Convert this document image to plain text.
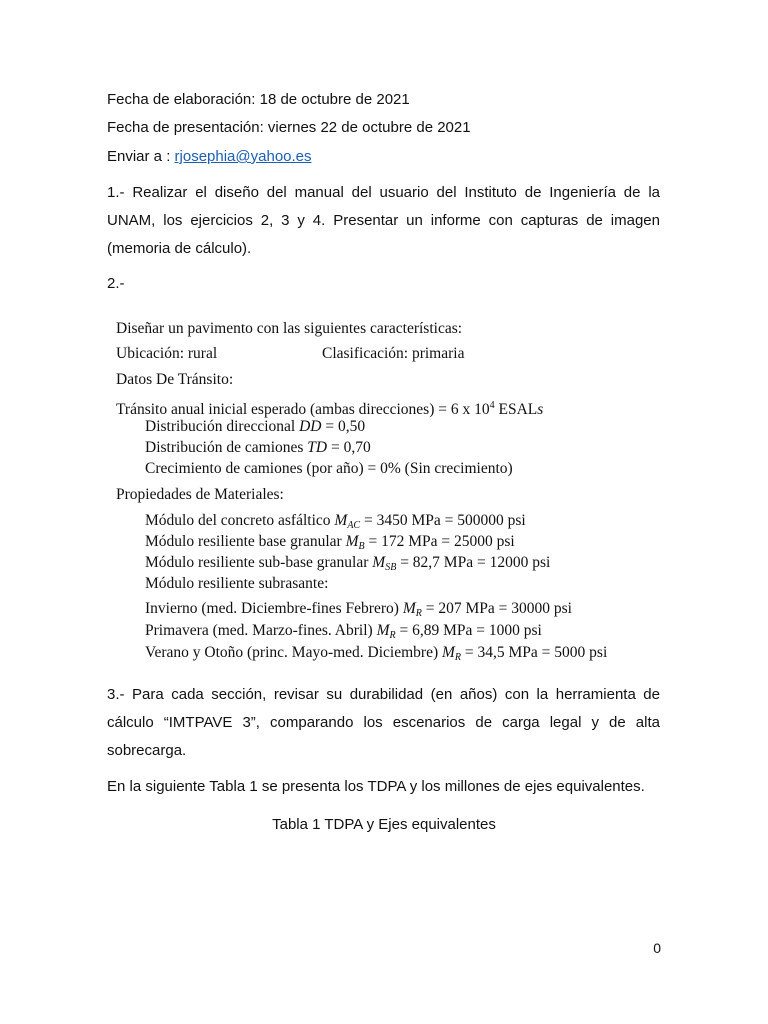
Fecha de elaboración: 18 de octubre de 2021
Fecha de presentación: viernes 22 de octubre de 2021
Enviar a : rjosephia@yahoo.es
1.- Realizar el diseño del manual del usuario del Instituto de Ingeniería de la UNAM, los ejercicios 2, 3 y 4. Presentar un informe con capturas de imagen (memoria de cálculo).
2.-
Diseñar un pavimento con las siguientes características:
Ubicación: rural	Clasificación: primaria
Datos De Tránsito:
Tránsito anual inicial esperado (ambas direcciones) = 6 x $10^4$ ESALs
Distribución direccional DD = 0,50
Distribución de camiones TD = 0,70
Crecimiento de camiones (por año) = 0% (Sin crecimiento)
Propiedades de Materiales:
Módulo del concreto asfáltico $M_{AC} = 3450$ MPa = 500000 psi
Módulo resiliente base granular $M_B = 172$ MPa = 25000 psi
Módulo resiliente sub-base granular $M_{SB} = 82,7$ MPa = 12000 psi
Módulo resiliente subrasante:
Invierno (med. Diciembre-fines Febrero) $M_R = 207$ MPa = 30000 psi
Primavera (med. Marzo-fines. Abril) $M_R = 6,89$ MPa = 1000 psi
Verano y Otoño (princ. Mayo-med. Diciembre) $M_R = 34,5$ MPa = 5000 psi
3.- Para cada sección, revisar su durabilidad (en años) con la herramienta de cálculo “IMTPAVE 3”, comparando los escenarios de carga legal y de alta sobrecarga.
En la siguiente Tabla 1 se presenta los TDPA y los millones de ejes equivalentes.
Tabla 1 TDPA y Ejes equivalentes
0
